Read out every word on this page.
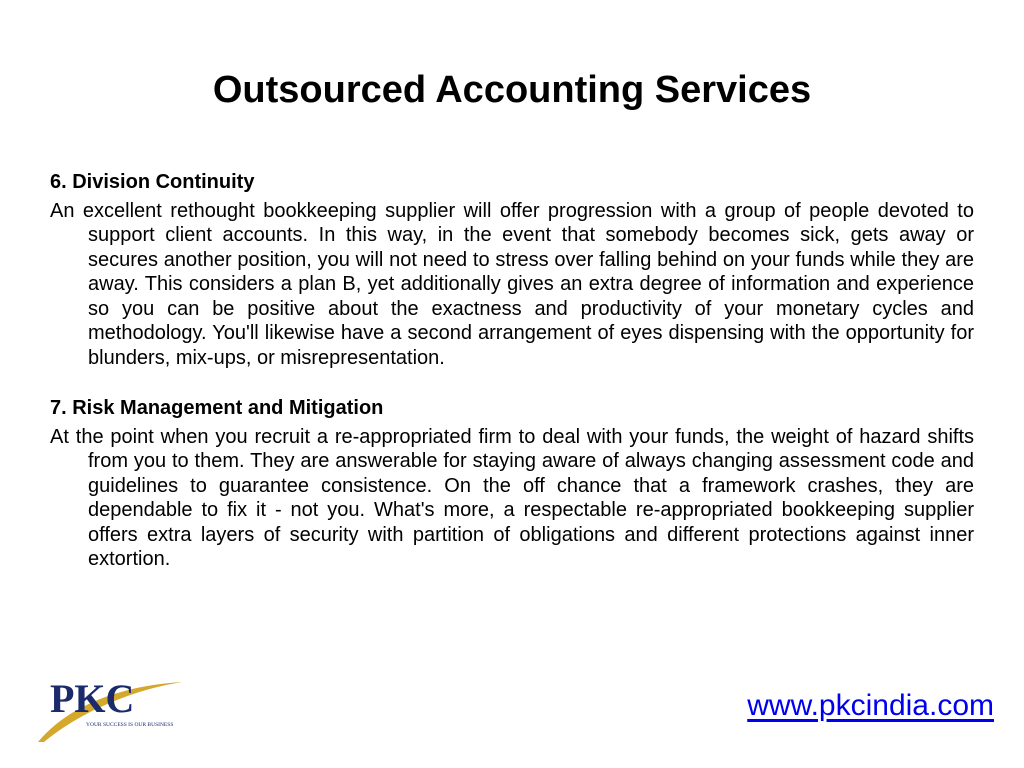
Outsourced Accounting Services

6. Division Continuity

An excellent rethought bookkeeping supplier will offer progression with a group of people devoted to support client accounts. In this way, in the event that somebody becomes sick, gets away or secures another position, you will not need to stress over falling behind on your funds while they are away. This considers a plan B, yet additionally gives an extra degree of information and experience so you can be positive about the exactness and productivity of your monetary cycles and methodology. You'll likewise have a second arrangement of eyes dispensing with the opportunity for blunders, mix-ups, or misrepresentation.

7. Risk Management and Mitigation

At the point when you recruit a re-appropriated firm to deal with your funds, the weight of hazard shifts from you to them. They are answerable for staying aware of always changing assessment code and guidelines to guarantee consistence. On the off chance that a framework crashes, they are dependable to fix it - not you. What's more, a respectable re-appropriated bookkeeping supplier offers extra layers of security with partition of obligations and different protections against inner extortion.

PKC
YOUR SUCCESS IS OUR BUSINESS
www.pkcindia.com
